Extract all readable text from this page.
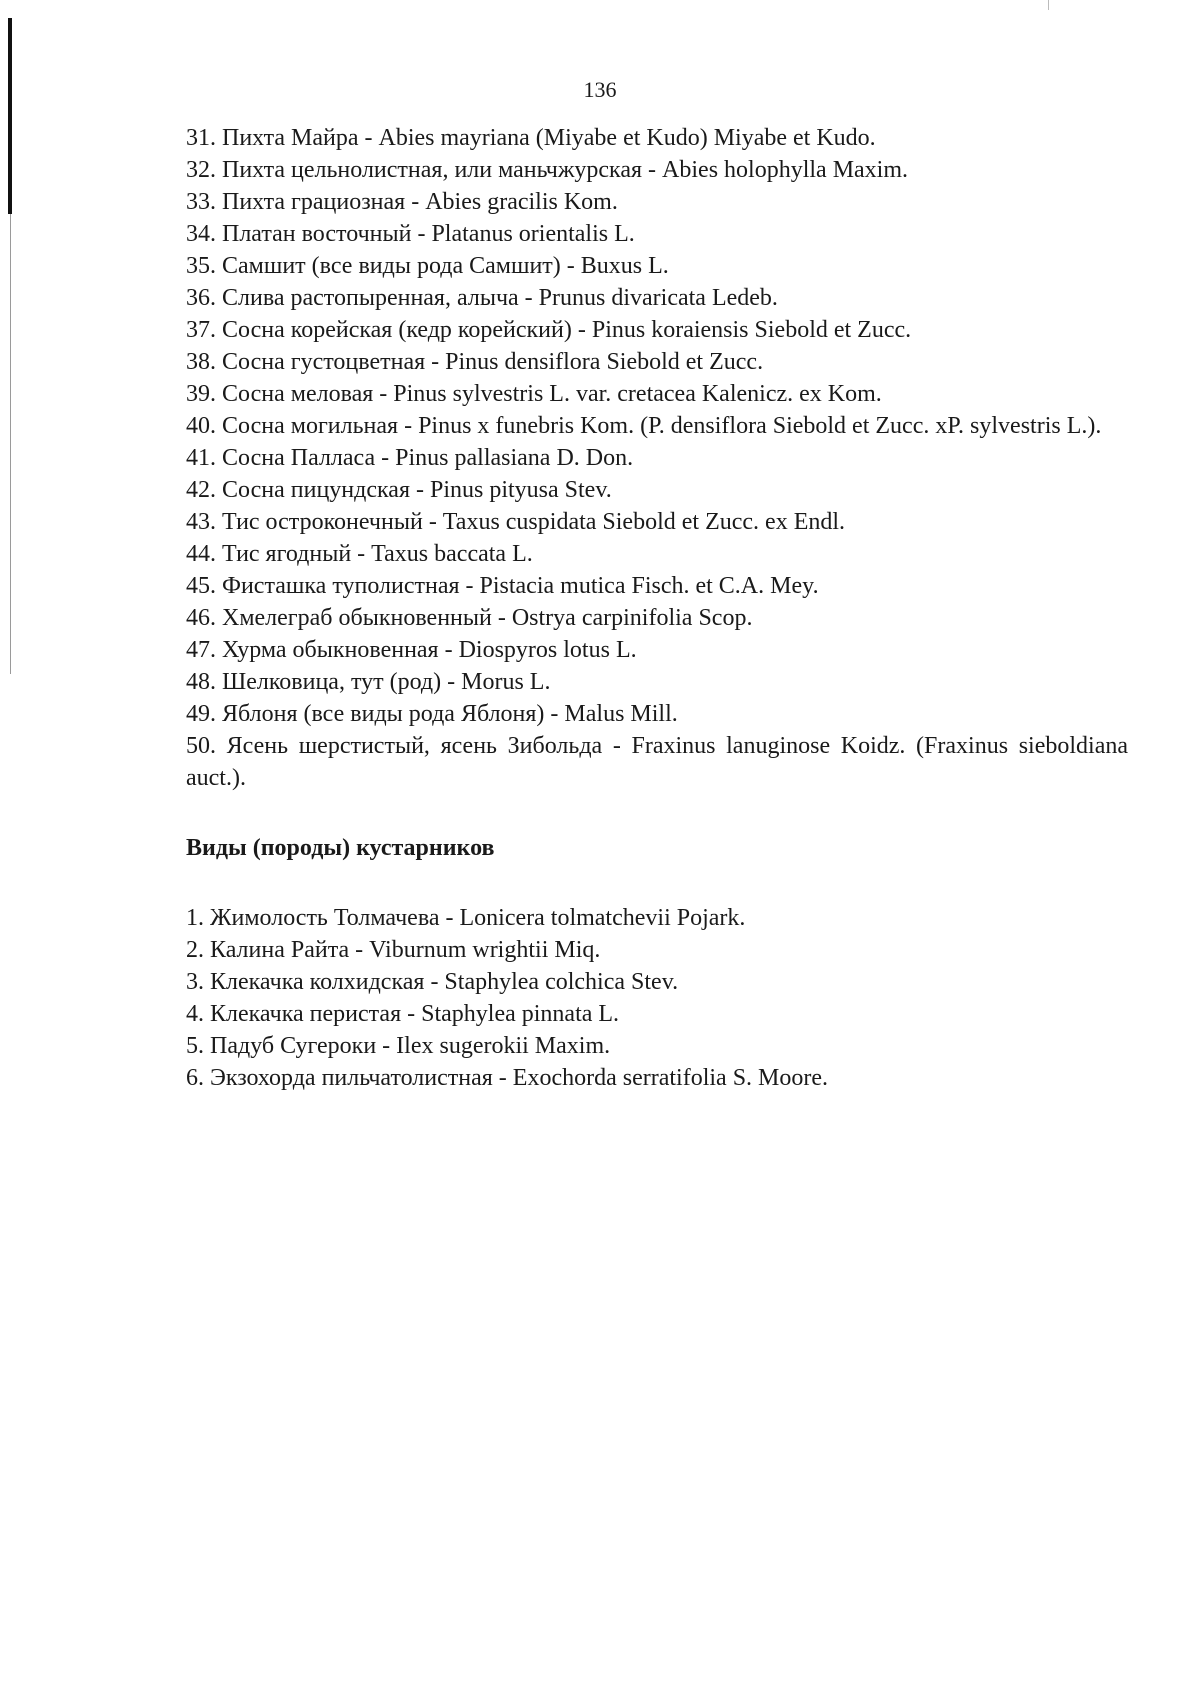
136

31. Пихта Майра - Abies mayriana (Miyabe et Kudo) Miyabe et Kudo.

32. Пихта цельнолистная, или маньчжурская - Abies holophylla Maxim.

33. Пихта грациозная - Abies gracilis Kom.

34. Платан восточный - Platanus orientalis L.

35. Самшит (все виды рода Самшит) - Buxus L.

36. Слива растопыренная, алыча - Prunus divaricata Ledeb.

37. Сосна корейская (кедр корейский) - Pinus koraiensis Siebold et Zucc.

38. Сосна густоцветная - Pinus densiflora Siebold et Zucc.

39. Сосна меловая - Pinus sylvestris L. var. cretacea Kalenicz. ex Kom.

40. Сосна могильная - Pinus x funebris Kom. (P. densiflora Siebold et Zucc. xP. sylvestris L.).

41. Сосна Палласа - Pinus pallasiana D. Don.

42. Сосна пицундская - Pinus pityusa Stev.

43. Тис остроконечный - Taxus cuspidata Siebold et Zucc. ex Endl.

44. Тис ягодный - Taxus baccata L.

45. Фисташка туполистная - Pistacia mutica Fisch. et C.A. Mey.

46. Хмелеграб обыкновенный - Ostrya carpinifolia Scop.

47. Хурма обыкновенная - Diospyros lotus L.

48. Шелковица, тут (род) - Morus L.

49. Яблоня (все виды рода Яблоня) - Malus Mill.

50. Ясень шерстистый, ясень Зибольда - Fraxinus lanuginose Koidz. (Fraxinus sieboldiana auct.).

Виды (породы) кустарников

1. Жимолость Толмачева - Lonicera tolmatchevii Pojark.

2. Калина Райта - Viburnum wrightii Miq.

3. Клекачка колхидская - Staphylea colchica Stev.

4. Клекачка перистая - Staphylea pinnata L.

5. Падуб Сугероки - Ilex sugerokii Maxim.

6. Экзохорда пильчатолистная - Exochorda serratifolia S. Moore.
